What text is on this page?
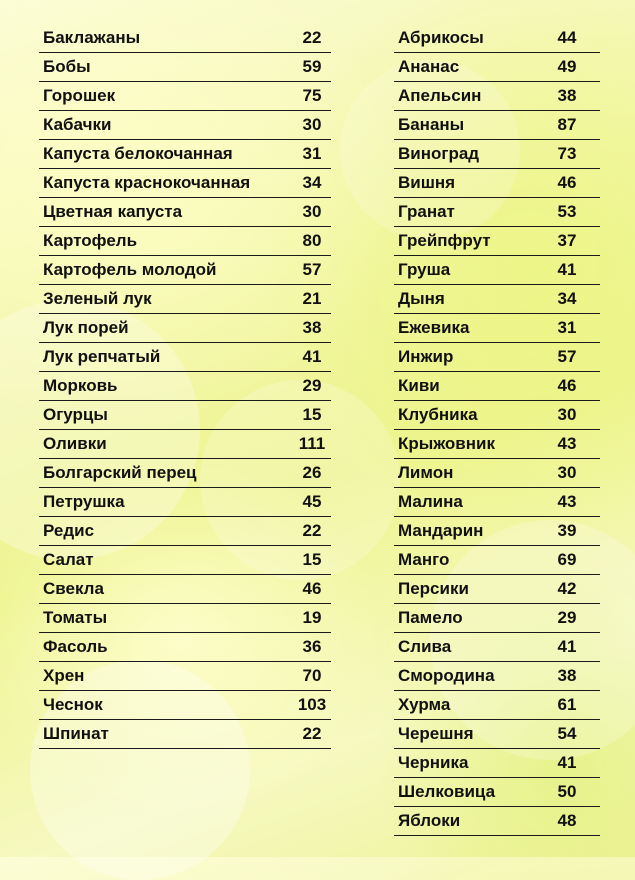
Баклажаны	22
Бобы	59
Горошек	75
Кабачки	30
Капуста белокочанная	31
Капуста краснокочанная	34
Цветная капуста	30
Картофель	80
Картофель молодой	57
Зеленый лук	21
Лук порей	38
Лук репчатый	41
Морковь	29
Огурцы	15
Оливки	111
Болгарский перец	26
Петрушка	45
Редис	22
Салат	15
Свекла	46
Томаты	19
Фасоль	36
Хрен	70
Чеснок	103
Шпинат	22
Абрикосы	44
Ананас	49
Апельсин	38
Бананы	87
Виноград	73
Вишня	46
Гранат	53
Грейпфрут	37
Груша	41
Дыня	34
Ежевика	31
Инжир	57
Киви	46
Клубника	30
Крыжовник	43
Лимон	30
Малина	43
Мандарин	39
Манго	69
Персики	42
Памело	29
Слива	41
Смородина	38
Хурма	61
Черешня	54
Черника	41
Шелковица	50
Яблоки	48
